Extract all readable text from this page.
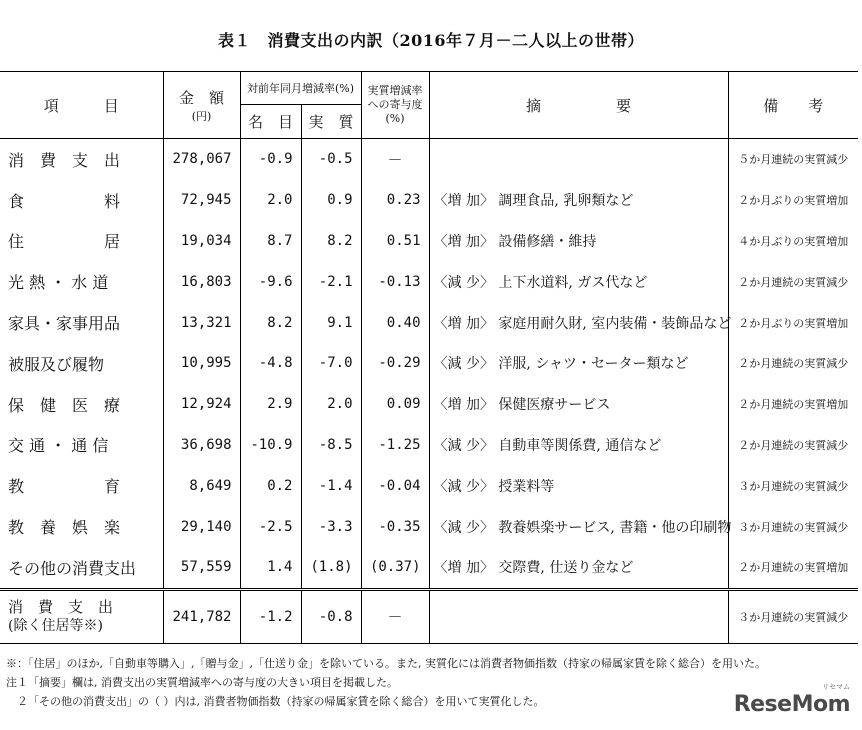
表１　消費支出の内訳（2016年７月－二人以上の世帯）
項　　　目	金　額
(円)	対前年同月増減率(%)		実質増減率への寄与度(%)	摘　　　　　要	備　　考
		名　目	実　質			
消　費　支　出	278,067	-0.9	-0.5	－		５か月連続の実質減少
食　　　　　料	72,945	2.0	0.9	0.23	〈増 加〉 調理食品, 乳卵類など	２か月ぶりの実質増加
住　　　　　居	19,034	8.7	8.2	0.51	〈増 加〉 設備修繕・維持	４か月ぶりの実質増加
光 熱 ・ 水 道	16,803	-9.6	-2.1	-0.13	〈減 少〉 上下水道料, ガス代など	２か月連続の実質減少
家具・家事用品	13,321	8.2	9.1	0.40	〈増 加〉 家庭用耐久財, 室内装備・装飾品など	２か月ぶりの実質増加
被服及び履物	10,995	-4.8	-7.0	-0.29	〈減 少〉 洋服, シャツ・セーター類など	２か月連続の実質減少
保　健　医　療	12,924	2.9	2.0	0.09	〈増 加〉 保健医療サービス	２か月連続の実質増加
交 通 ・ 通 信	36,698	-10.9	-8.5	-1.25	〈減 少〉 自動車等関係費, 通信など	２か月連続の実質減少
教　　　　　育	8,649	0.2	-1.4	-0.04	〈減 少〉 授業料等	３か月連続の実質減少
教　養　娯　楽	29,140	-2.5	-3.3	-0.35	〈減 少〉 教養娯楽サービス, 書籍・他の印刷物	３か月連続の実質減少
その他の消費支出	57,559	1.4	(1.8)	(0.37)	〈増 加〉 交際費, 仕送り金など	２か月連続の実質増加

消　費　支　出
(除く住居等※)	241,782	-1.2	-0.8	－		３か月連続の実質減少
※：「住居」のほか,「自動車等購入」,「贈与金」,「仕送り金」を除いている。また, 実質化には消費者物価指数（持家の帰属家賃を除く総合）を用いた。
注１「摘要」欄は, 消費支出の実質増減率への寄与度の大きい項目を掲載した。
　２「その他の消費支出」の（ ）内は, 消費者物価指数（持家の帰属家賃を除く総合）を用いて実質化した。
リセマム
ReseMom
